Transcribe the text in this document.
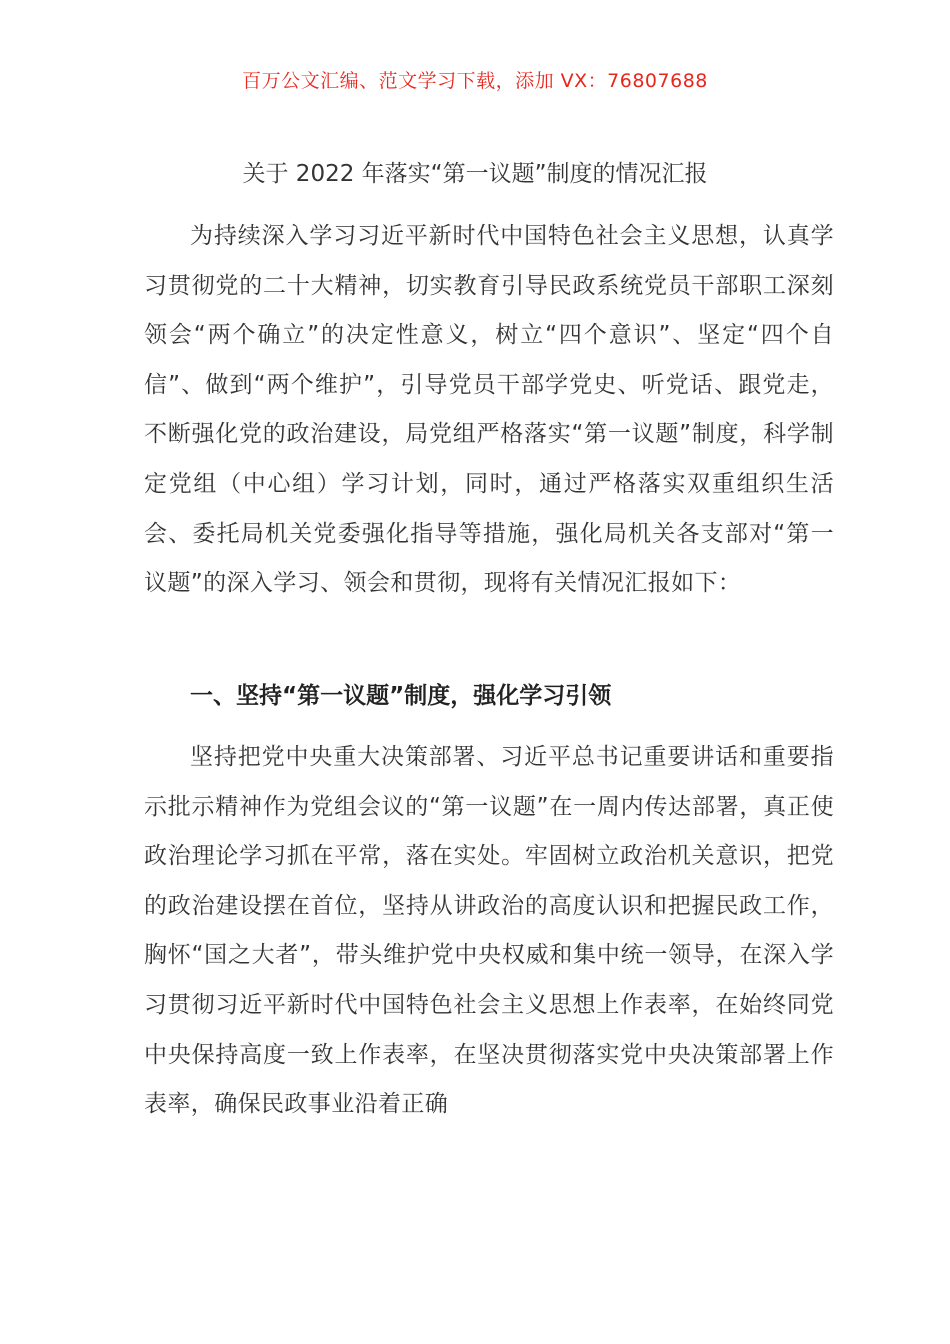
百万公文汇编、范文学习下载，添加 VX：76807688
关于 2022 年落实“第一议题”制度的情况汇报

为持续深入学习习近平新时代中国特色社会主义思想，认真学习贯彻党的二十大精神，切实教育引导民政系统党员干部职工深刻领会“两个确立”的决定性意义，树立“四个意识”、坚定“四个自信”、做到“两个维护”，引导党员干部学党史、听党话、跟党走，不断强化党的政治建设，局党组严格落实“第一议题”制度，科学制定党组（中心组）学习计划，同时，通过严格落实双重组织生活会、委托局机关党委强化指导等措施，强化局机关各支部对“第一议题”的深入学习、领会和贯彻，现将有关情况汇报如下：

一、坚持“第一议题”制度，强化学习引领

坚持把党中央重大决策部署、习近平总书记重要讲话和重要指示批示精神作为党组会议的“第一议题”在一周内传达部署，真正使政治理论学习抓在平常，落在实处。牢固树立政治机关意识，把党的政治建设摆在首位，坚持从讲政治的高度认识和把握民政工作，胸怀“国之大者”，带头维护党中央权威和集中统一领导，在深入学习贯彻习近平新时代中国特色社会主义思想上作表率，在始终同党中央保持高度一致上作表率，在坚决贯彻落实党中央决策部署上作表率，确保民政事业沿着正确
